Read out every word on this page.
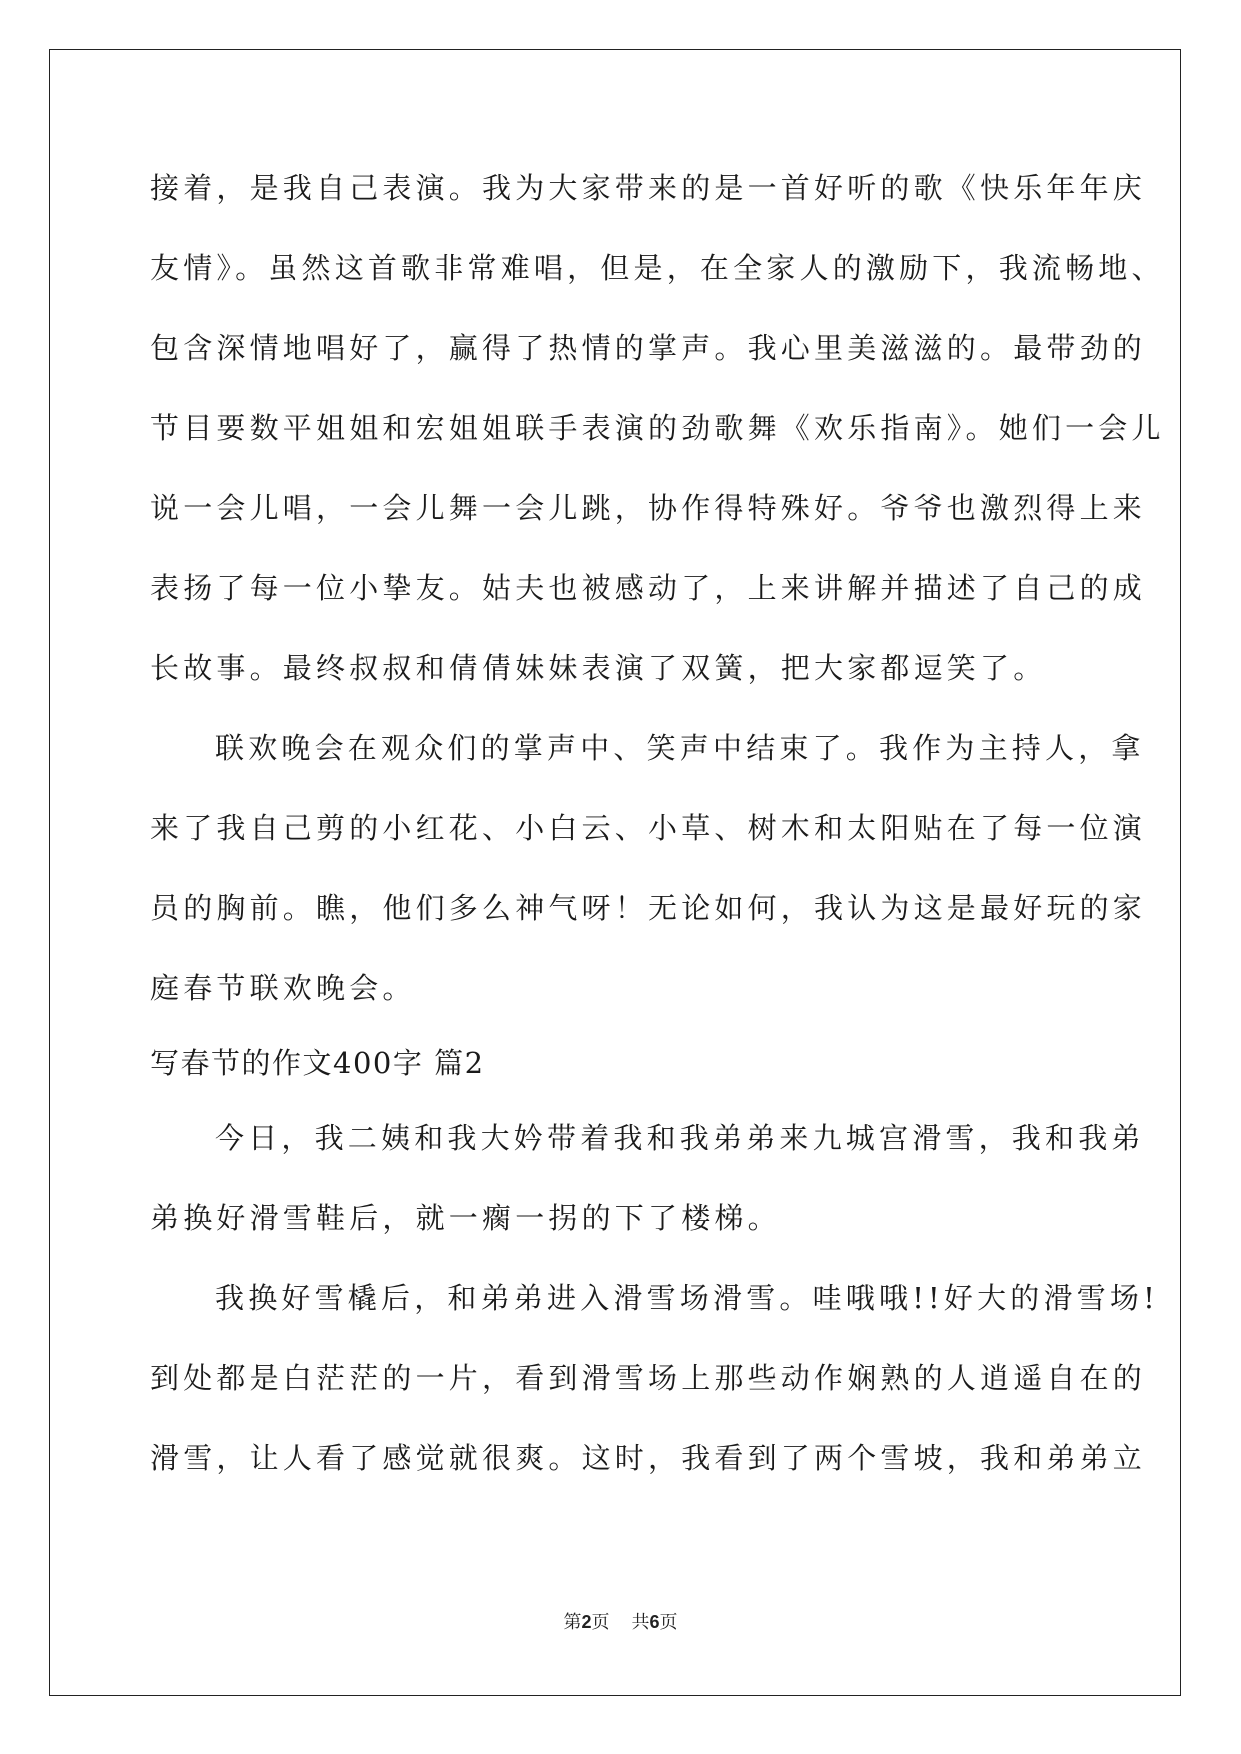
接着，是我自己表演。我为大家带来的是一首好听的歌《快乐年年庆
友情》。虽然这首歌非常难唱，但是，在全家人的激励下，我流畅地、
包含深情地唱好了，赢得了热情的掌声。我心里美滋滋的。最带劲的
节目要数平姐姐和宏姐姐联手表演的劲歌舞《欢乐指南》。她们一会儿
说一会儿唱，一会儿舞一会儿跳，协作得特殊好。爷爷也激烈得上来
表扬了每一位小挚友。姑夫也被感动了，上来讲解并描述了自己的成
长故事。最终叔叔和倩倩妹妹表演了双簧，把大家都逗笑了。
联欢晚会在观众们的掌声中、笑声中结束了。我作为主持人，拿
来了我自己剪的小红花、小白云、小草、树木和太阳贴在了每一位演
员的胸前。瞧，他们多么神气呀！无论如何，我认为这是最好玩的家
庭春节联欢晚会。
写春节的作文400字 篇2
今日，我二姨和我大妗带着我和我弟弟来九城宫滑雪，我和我弟
弟换好滑雪鞋后，就一瘸一拐的下了楼梯。
我换好雪橇后，和弟弟进入滑雪场滑雪。哇哦哦!!好大的滑雪场!
到处都是白茫茫的一片，看到滑雪场上那些动作娴熟的人逍遥自在的
滑雪，让人看了感觉就很爽。这时，我看到了两个雪坡，我和弟弟立
第2页 共6页
